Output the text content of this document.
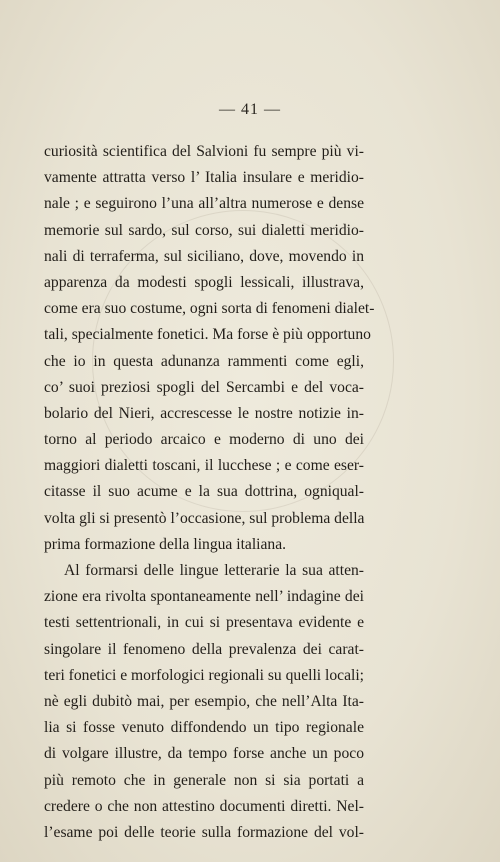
— 41 —
curiosità scientifica del Salvioni fu sempre più vi-
vamente attratta verso l’ Italia insulare e meridio-
nale ; e seguirono l’una all’altra numerose e dense
memorie sul sardo, sul corso, sui dialetti meridio-
nali di terraferma, sul siciliano, dove, movendo in
apparenza da modesti spogli lessicali, illustrava,
come era suo costume, ogni sorta di fenomeni dialet-
tali, specialmente fonetici. Ma forse è più opportuno
che io in questa adunanza rammenti come egli,
co’ suoi preziosi spogli del Sercambi e del voca-
bolario del Nieri, accrescesse le nostre notizie in-
torno al periodo arcaico e moderno di uno dei
maggiori dialetti toscani, il lucchese ; e come eser-
citasse il suo acume e la sua dottrina, ogniqual-
volta gli si presentò l’occasione, sul problema della
prima formazione della lingua italiana.
Al formarsi delle lingue letterarie la sua atten-
zione era rivolta spontaneamente nell’ indagine dei
testi settentrionali, in cui si presentava evidente e
singolare il fenomeno della prevalenza dei carat-
teri fonetici e morfologici regionali su quelli locali;
nè egli dubitò mai, per esempio, che nell’Alta Ita-
lia si fosse venuto diffondendo un tipo regionale
di volgare illustre, da tempo forse anche un poco
più remoto che in generale non si sia portati a
credere o che non attestino documenti diretti. Nel-
l’esame poi delle teorie sulla formazione del vol-
